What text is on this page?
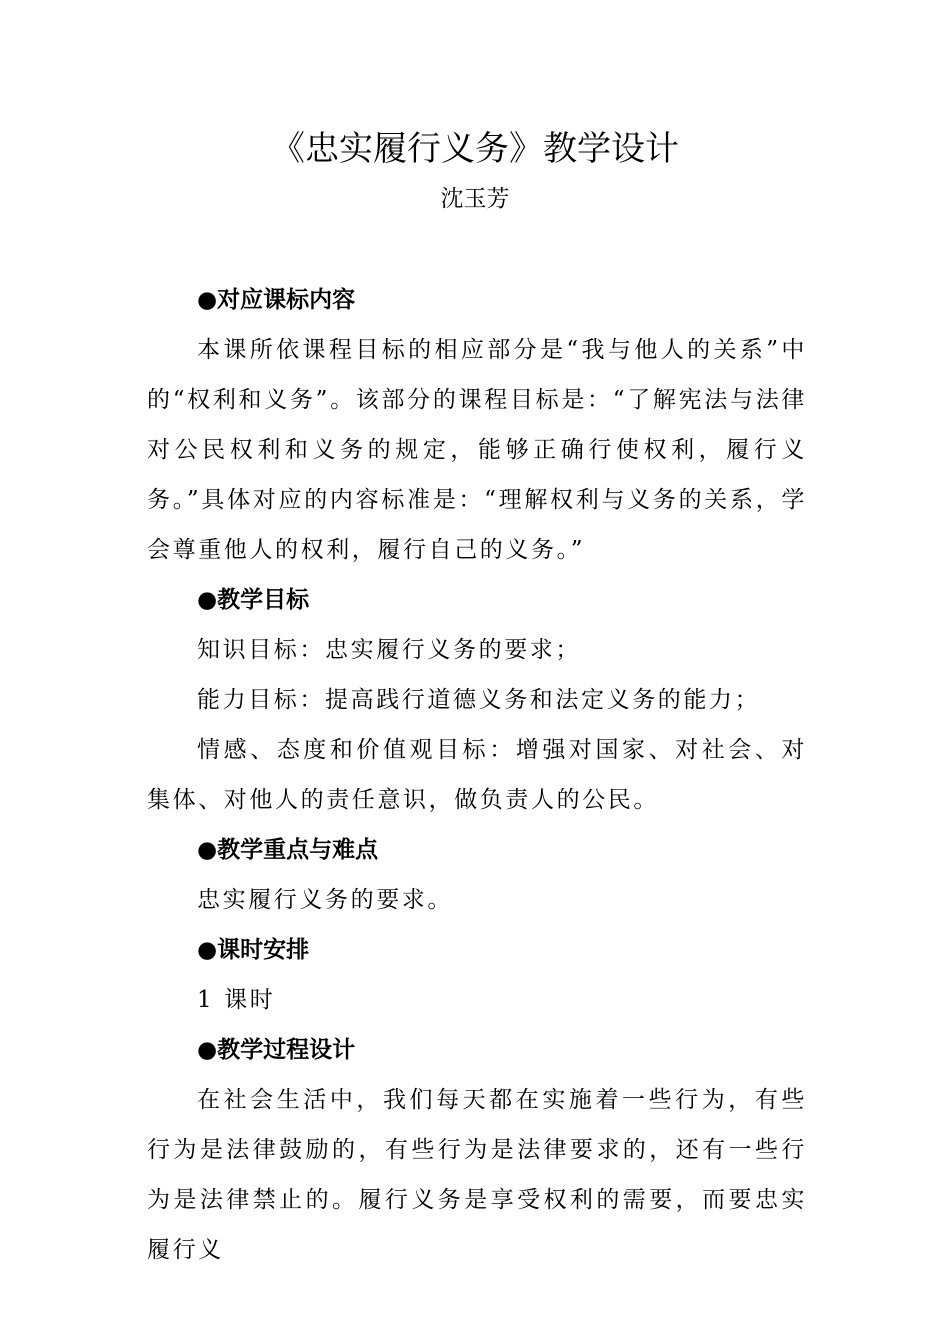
《忠实履行义务》教学设计
沈玉芳

●对应课标内容

本课所依课程目标的相应部分是“我与他人的关系”中的“权利和义务”。该部分的课程目标是：“了解宪法与法律对公民权利和义务的规定，能够正确行使权利，履行义务。”具体对应的内容标准是：“理解权利与义务的关系，学会尊重他人的权利，履行自己的义务。”

●教学目标

知识目标：忠实履行义务的要求；

能力目标：提高践行道德义务和法定义务的能力；

情感、态度和价值观目标：增强对国家、对社会、对集体、对他人的责任意识，做负责人的公民。

●教学重点与难点

忠实履行义务的要求。

●课时安排

1 课时

●教学过程设计

在社会生活中，我们每天都在实施着一些行为，有些行为是法律鼓励的，有些行为是法律要求的，还有一些行为是法律禁止的。履行义务是享受权利的需要，而要忠实履行义
